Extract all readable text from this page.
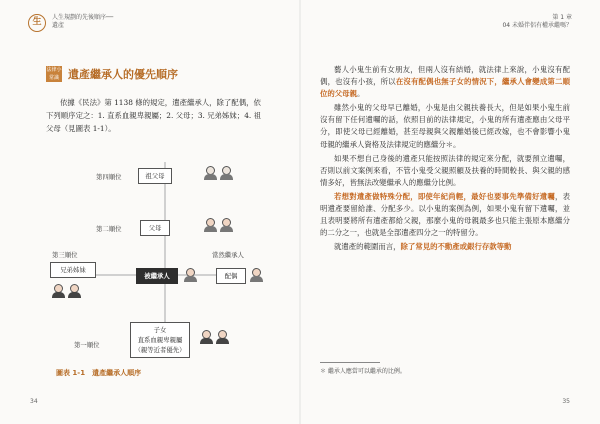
生	人生規劃的先後順序──
遺產
第 1 章
04 未婚伴侶有權承繼嗎？
法律小常識 遺產繼承人的優先順序

依據《民法》第 1138 條的規定，遺產繼承人，除了配偶，依下列順序定之：1. 直系血親卑親屬；2. 父母；3. 兄弟姊妹；4. 祖父母（見圖表 1-1）。

第四順位	祖父母
第二順位	父母
第三順位
兄弟姊妹
被繼承人
當然繼承人
配偶
第一順位
子女
直系血親卑親屬
（親等近者優先）
圖表 1-1　遺產繼承人順序

藝人小鬼生前有女朋友，但兩人沒有結婚，就法律上來說，小鬼沒有配偶，也沒有小孩，所以在沒有配偶也無子女的情況下，繼承人會變成第二順位的父母親。

雖然小鬼的父母早已離婚，小鬼是由父親扶養長大，但是如果小鬼生前沒有留下任何遺囑的話，依照目前的法律規定，小鬼的所有遺產應由父母平分，即使父母已經離婚，甚至母親與父親離婚後已經改嫁，也不會影響小鬼母親的繼承人資格及法律規定的應繼分＊。

如果不想自己身後的遺產只能按照法律的規定來分配，就要預立遺囑，否則以前文案例來看，不管小鬼受父親照顧及扶養的時間較長、與父親的感情多好，皆無法改變繼承人的應繼分比例。

若想對遺產做特殊分配，即使年紀尚輕，最好也要事先準備好遺囑，表明遺產要留給誰、分配多少。以小鬼的案例為例，如果小鬼有留下遺囑，並且表明要將所有遺產都給父親，那麼小鬼的母親最多也只能主張原本應繼分的二分之一，也就是全部遺產四分之一的特留分。

就遺產的範圍而言，除了常見的不動產或銀行存款等動

＊ 繼承人應當可以繼承的比例。
34	35
